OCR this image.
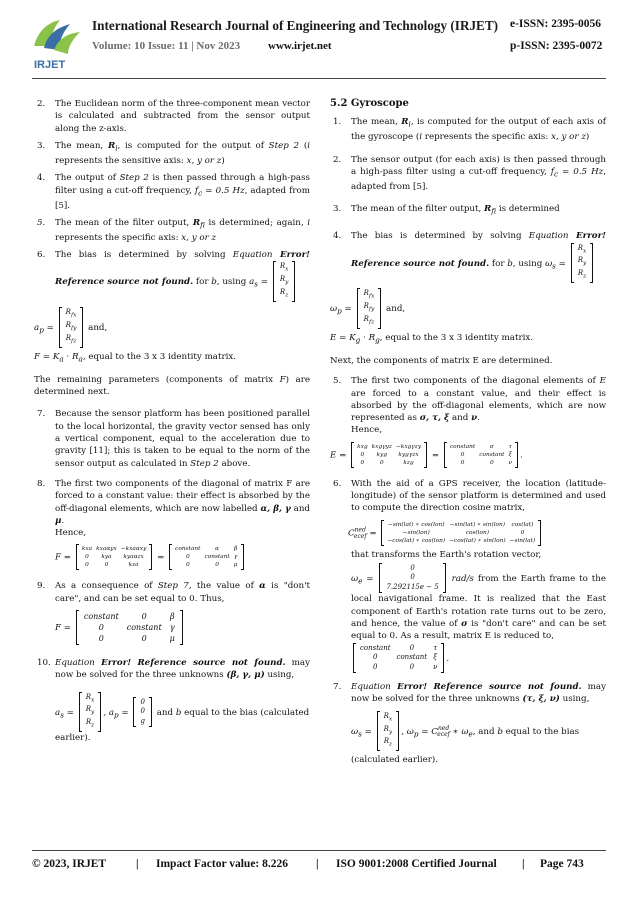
IRJET
International Research Journal of Engineering and Technology (IRJET) e-ISSN: 2395-0056
Volume: 10 Issue: 11 | Nov 2023	www.irjet.net	p-ISSN: 2395-0072
2. The Euclidean norm of the three-component mean vector is calculated and subtracted from the sensor output along the z-axis.
3. The mean, $R_i$, is computed for the output of Step 2 (i represents the sensitive axis: x, y or z)
4. The output of Step 2 is then passed through a high-pass filter using a cut-off frequency, $f_c = 0.5$ Hz, adapted from [5].
5. The mean of the filter output, $R_{fi}$ is determined; again, i represents the specific axis: x, y or z
6. The bias is determined by solving Equation Error! Reference source not found. for b, using $a_s$ =
$R_x$
$R_y$
$R_z$
$a_p$ =
$R_{fx}$
$R_{fy}$
$R_{fz}$
and,
$F = K_a \cdot R_a$, equal to the 3 x 3 identity matrix.
The remaining parameters (components of matrix F) are determined next.
7. Because the sensor platform has been positioned parallel to the local horizontal, the gravity vector sensed has only a vertical component, equal to the acceleration due to gravity [11]; this is taken to be equal to the norm of the sensor output as calculated in Step 2 above.
8. The first two components of the diagonal of matrix F are forced to a constant value: their effect is absorbed by the off-diagonal elements, which are now labelled α, β, γ and μ.
Hence,
F =
kxa	kxaαyx	−kxaαxy
0	kya	kyaαzx
0	0	kza
=
constant	α	β
0	constant	γ
0	0	μ
9. As a consequence of Step 7, the value of α is "don't care", and can be set equal to 0. Thus,
F =
constant	0	β
0	constant	γ
0	0	μ
10. Equation Error! Reference source not found. may now be solved for the three unknowns (β, γ, μ) using,
$a_s$ =
$R_x$
$R_y$
$R_z$
, $a_p$ =
0
0
g
and b equal to the bias (calculated earlier).
5.2 Gyroscope
1. The mean, $R_i$, is computed for the output of each axis of the gyroscope (i represents the specific axis: x, y or z)
2. The sensor output (for each axis) is then passed through a high-pass filter using a cut-off frequency, $f_c = 0.5$ Hz, adapted from [5].
3. The mean of the filter output, $R_{fi}$ is determined
4. The bias is determined by solving Equation Error! Reference source not found. for b, using $\omega_s$ =
$R_x$
$R_y$
$R_z$
$\omega_p$ =
$R_{fx}$
$R_{fy}$
$R_{fz}$
and,
$E = K_g \cdot R_g$, equal to the 3 x 3 identity matrix.
Next, the components of matrix E are determined.
5. The first two components of the diagonal elements of E are forced to a constant value, and their effect is absorbed by the off-diagonal elements, which are now represented as σ, τ, ξ and ν.
Hence,
E =
kxg	kxgγyz	−kxgγzy
0	kyg	kygγzx
0	0	kzg
=
constant	σ	τ
0	constant	ξ
0	0	ν
.
6. With the aid of a GPS receiver, the location (latitude-longitude) of the sensor platform is determined and used to compute the direction cosine matrix,
$C^{ned}_{ecef}$ =
−sin(lat) ∗ cos(lon)	−sin(lat) ∗ sin(lon)	cos(lat)
−sin(lon)	cos(lon)	0
−cos(lat) ∗ cos(lon)	−cos(lat) ∗ sin(lon)	−sin(lat)
that transforms the Earth's rotation vector,
$\omega_e$ =
0
0
7.292115e − 5
rad/s from the Earth frame to the local navigational frame. It is realized that the East component of Earth's rotation rate turns out to be zero, and hence, the value of σ is "don't care" and can be set equal to 0. As a result, matrix E is reduced to,

constant	0	τ
0	constant	ξ
0	0	ν
.
7. Equation Error! Reference source not found. may now be solved for the three unknowns (τ, ξ, ν) using,
$\omega_s$ =
$R_x$
$R_y$
$R_z$
, $\omega_p = C^{ned}_{ecef}$ ∗ $\omega_e$, and b equal to the bias
(calculated earlier).
© 2023, IRJET	| Impact Factor value: 8.226 | ISO 9001:2008 Certified Journal | Page 743
